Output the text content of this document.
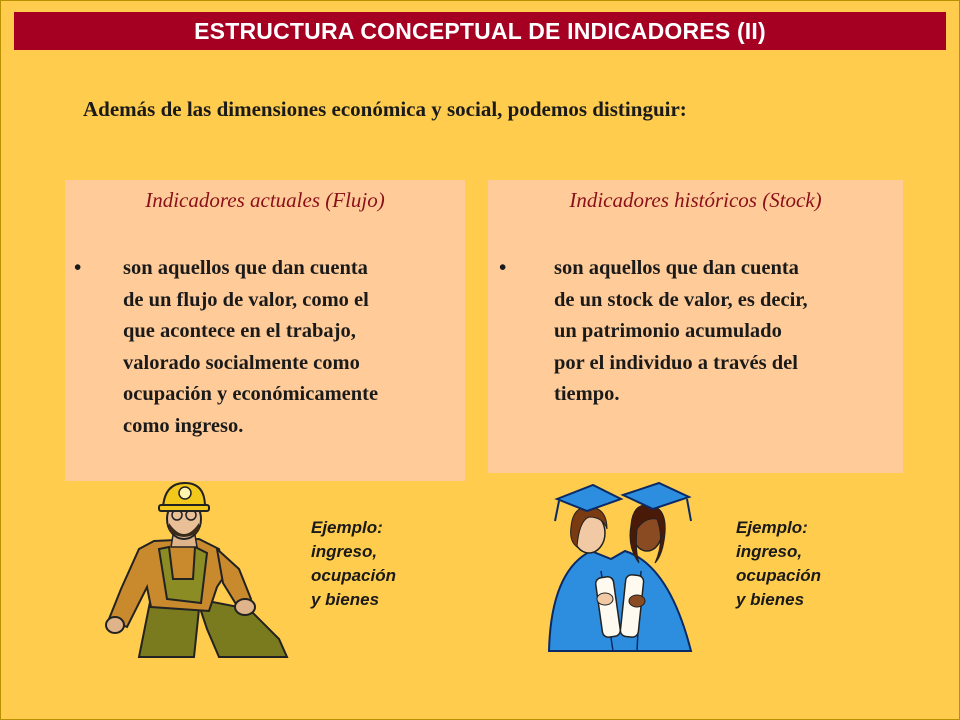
ESTRUCTURA CONCEPTUAL DE INDICADORES (II)
Además de las dimensiones económica y social, podemos distinguir:
Indicadores actuales (Flujo)
• son aquellos que dan cuenta
de un flujo de valor, como el
que acontece en el trabajo,
valorado socialmente como
ocupación y económicamente
como ingreso.
Indicadores históricos (Stock)
• son aquellos que dan cuenta
de un stock de valor, es decir,
un patrimonio acumulado
por el individuo a través del
tiempo.
Ejemplo:
ingreso,
ocupación
y bienes
Ejemplo:
ingreso,
ocupación
y bienes
